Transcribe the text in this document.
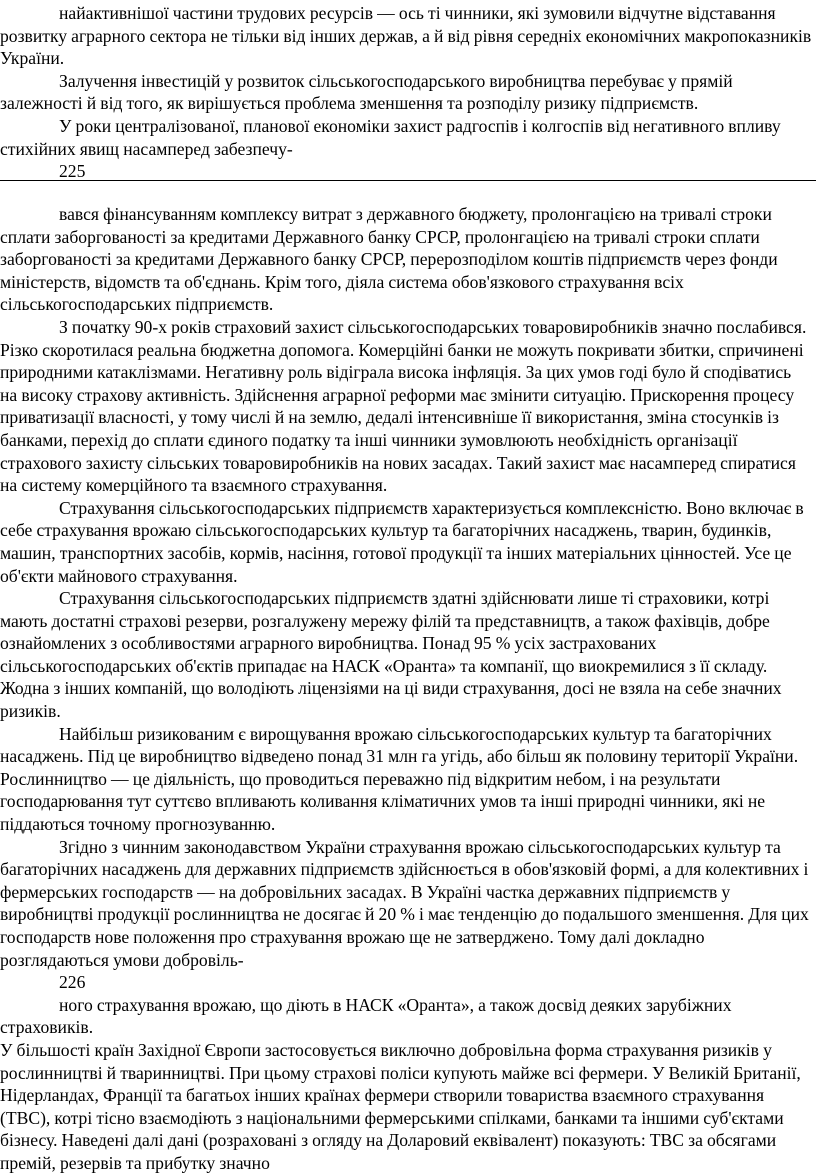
найактивнішої частини трудових ресурсів — ось ті чинники, які зумовили відчутне відставання розвитку аграрного сектора не тільки від інших держав, а й від рівня середніх економічних макропоказників України.

Залучення інвестицій у розвиток сільськогосподарського виробництва перебуває у прямій залежності й від того, як вирішується проблема зменшення та розподілу ризику підприємств.

У роки централізованої, планової економіки захист радгоспів і колгоспів від негативного впливу стихійних явищ насамперед забезпечу-

225

вався фінансуванням комплексу витрат з державного бюджету, пролонгацією на тривалі строки сплати заборгованості за кредитами Державного банку СРСР, пролонгацією на тривалі строки сплати заборгованості за кредитами Державного банку СРСР, перерозподілом коштів підприємств через фонди міністерств, відомств та об'єднань. Крім того, діяла система обов'язкового страхування всіх сільськогосподарських підприємств.

З початку 90-х років страховий захист сільськогосподарських товаровиробників значно послабився. Різко скоротилася реальна бюджетна допомога. Комерційні банки не можуть покривати збитки, спричинені природними катаклізмами. Негативну роль відіграла висока інфляція. За цих умов годі було й сподіватись на високу страхову активність. Здійснення аграрної реформи має змінити ситуацію. Прискорення процесу приватизації власності, у тому числі й на землю, дедалі інтенсивніше її використання, зміна стосунків із банками, перехід до сплати єдиного податку та інші чинники зумовлюють необхідність організації страхового захисту сільських товаровиробників на нових засадах. Такий захист має насамперед спиратися на систему комерційного та взаємного страхування.

Страхування сільськогосподарських підприємств характеризується комплексністю. Воно включає в себе страхування врожаю сільськогосподарських культур та багаторічних насаджень, тварин, будинків, машин, транспортних засобів, кормів, насіння, готової продукції та інших матеріальних цінностей. Усе це об'єкти майнового страхування.

Страхування сільськогосподарських підприємств здатні здійснювати лише ті страховики, котрі мають достатні страхові резерви, розгалужену мережу філій та представництв, а також фахівців, добре ознайомлених з особливостями аграрного виробництва. Понад 95 % усіх застрахованих сільськогосподарських об'єктів припадає на НАСК «Оранта» та компанії, що виокремилися з її складу. Жодна з інших компаній, що володіють ліцензіями на ці види страхування, досі не взяла на себе значних ризиків.

Найбільш ризикованим є вирощування врожаю сільськогосподарських культур та багаторічних насаджень. Під це виробництво відведено понад 31 млн га угідь, або більш як половину території України. Рослинництво — це діяльність, що проводиться переважно під відкритим небом, і на результати господарювання тут суттєво впливають коливання кліматичних умов та інші природні чинники, які не піддаються точному прогнозуванню.

Згідно з чинним законодавством України страхування врожаю сільськогосподарських культур та багаторічних насаджень для державних підприємств здійснюється в обов'язковій формі, а для колективних і фермерських господарств — на добровільних засадах. В Україні частка державних підприємств у виробництві продукції рослинництва не досягає й 20 % і має тенденцію до подальшого зменшення. Для цих господарств нове положення про страхування врожаю ще не затверджено. Тому далі докладно розглядаються умови добровіль-

226

ного страхування врожаю, що діють в НАСК «Оранта», а також досвід деяких зарубіжних страховиків.

У більшості країн Західної Європи застосовується виключно добровільна форма страхування ризиків у рослинництві й тваринництві. При цьому страхові поліси купують майже всі фермери. У Великій Британії, Нідерландах, Франції та багатьох інших країнах фермери створили товариства взаємного страхування (ТВС), котрі тісно взаємодіють з національними фермерськими спілками, банками та іншими суб'єктами бізнесу. Наведені далі дані (розраховані з огляду на Доларовий еквівалент) показують: ТВС за обсягами премій, резервів та прибутку значно
